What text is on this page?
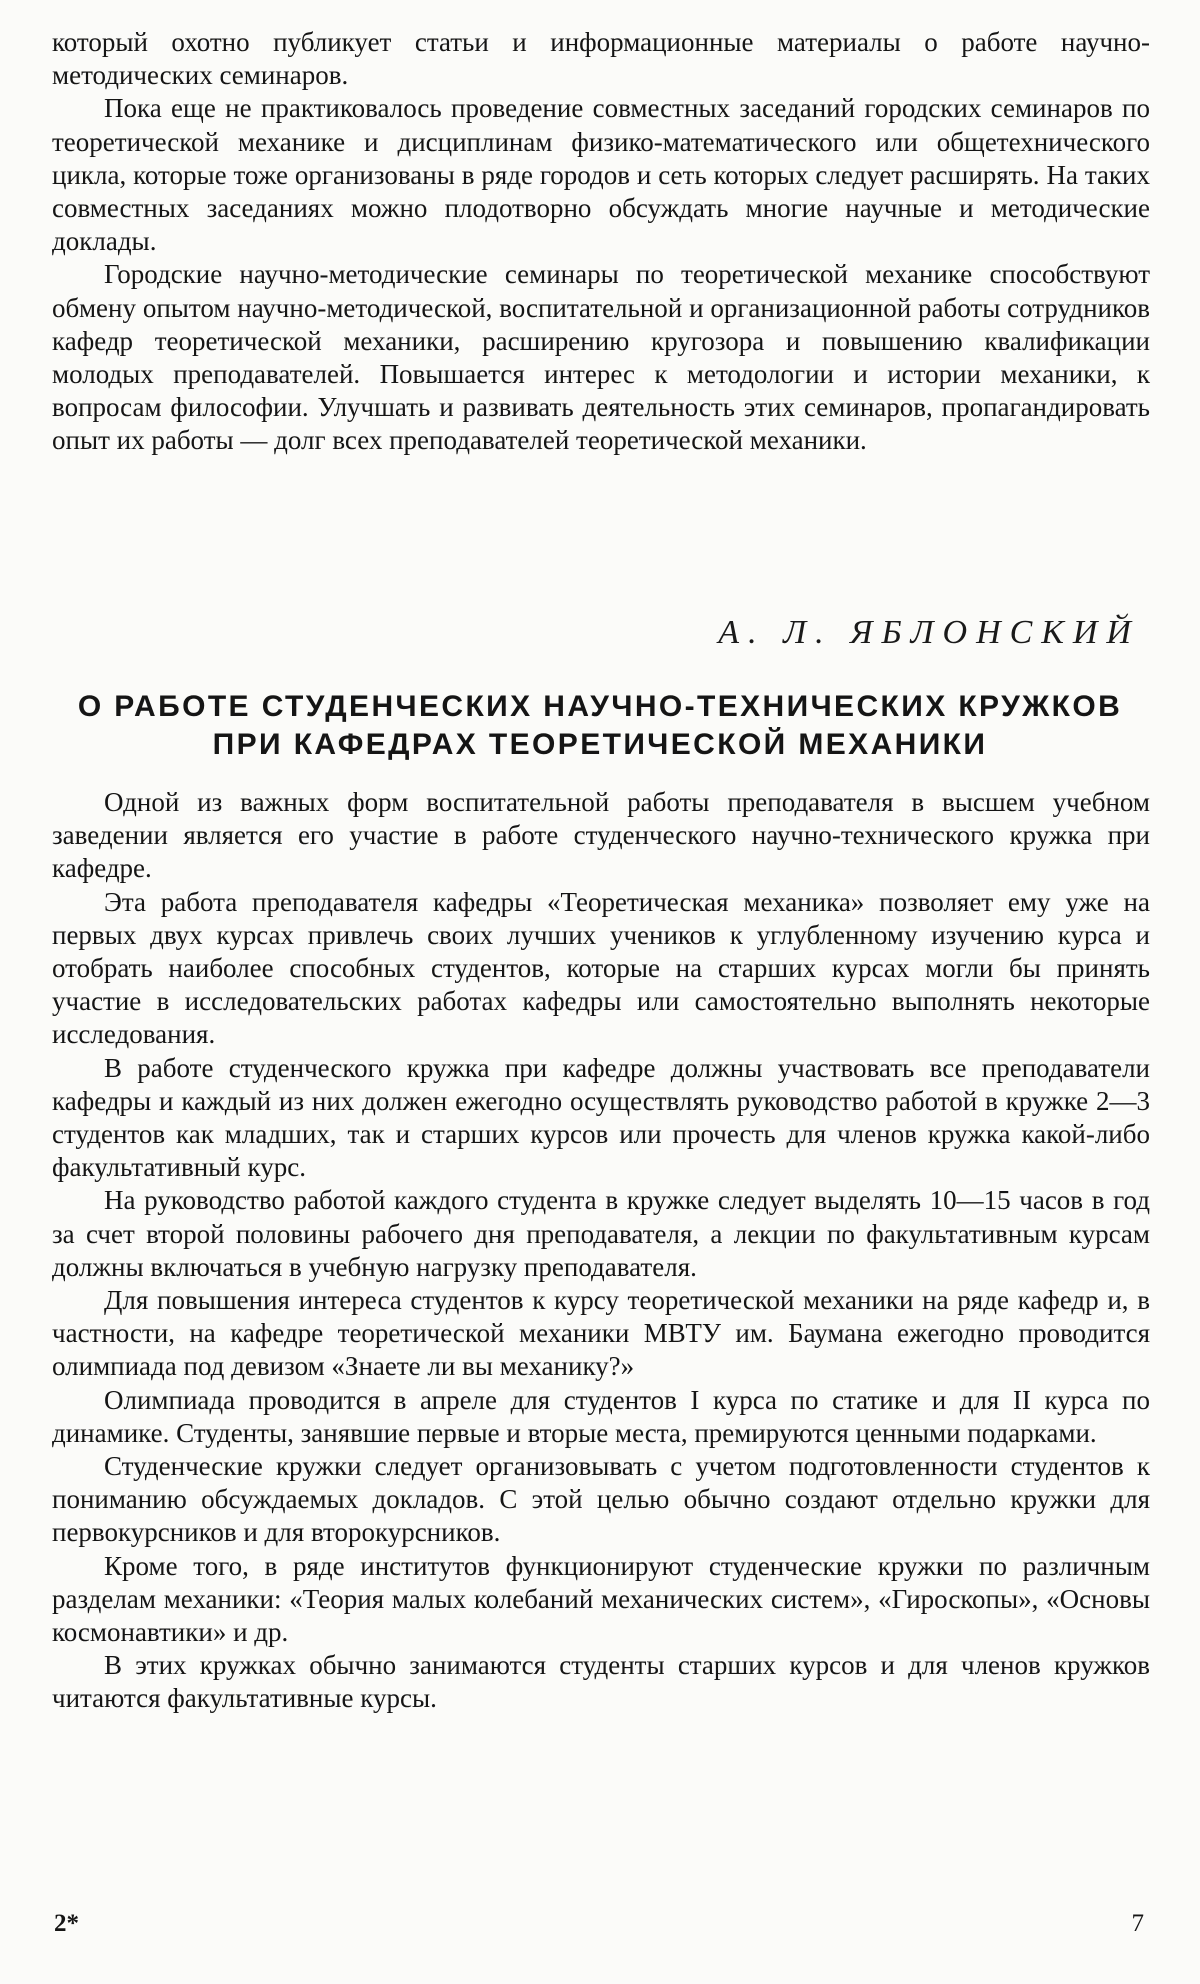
который охотно публикует статьи и информационные материалы о работе научно-методических семинаров.

Пока еще не практиковалось проведение совместных заседаний городских семинаров по теоретической механике и дисциплинам физико-математического или общетехнического цикла, которые тоже организованы в ряде городов и сеть которых следует расширять. На таких совместных заседаниях можно плодотворно обсуждать многие научные и методические доклады.

Городские научно-методические семинары по теоретической механике способствуют обмену опытом научно-методической, воспитательной и организационной работы сотрудников кафедр теоретической механики, расширению кругозора и повышению квалификации молодых преподавателей. Повышается интерес к методологии и истории механики, к вопросам философии. Улучшать и развивать деятельность этих семинаров, пропагандировать опыт их работы — долг всех преподавателей теоретической механики.

А. Л. ЯБЛОНСКИЙ
О РАБОТЕ СТУДЕНЧЕСКИХ НАУЧНО-ТЕХНИЧЕСКИХ КРУЖКОВ
ПРИ КАФЕДРАХ ТЕОРЕТИЧЕСКОЙ МЕХАНИКИ

Одной из важных форм воспитательной работы преподавателя в высшем учебном заведении является его участие в работе студенческого научно-технического кружка при кафедре.

Эта работа преподавателя кафедры «Теоретическая механика» позволяет ему уже на первых двух курсах привлечь своих лучших учеников к углубленному изучению курса и отобрать наиболее способных студентов, которые на старших курсах могли бы принять участие в исследовательских работах кафедры или самостоятельно выполнять некоторые исследования.

В работе студенческого кружка при кафедре должны участвовать все преподаватели кафедры и каждый из них должен ежегодно осуществлять руководство работой в кружке 2—3 студентов как младших, так и старших курсов или прочесть для членов кружка какой-либо факультативный курс.

На руководство работой каждого студента в кружке следует выделять 10—15 часов в год за счет второй половины рабочего дня преподавателя, а лекции по факультативным курсам должны включаться в учебную нагрузку преподавателя.

Для повышения интереса студентов к курсу теоретической механики на ряде кафедр и, в частности, на кафедре теоретической механики МВТУ им. Баумана ежегодно проводится олимпиада под девизом «Знаете ли вы механику?»

Олимпиада проводится в апреле для студентов I курса по статике и для II курса по динамике. Студенты, занявшие первые и вторые места, премируются ценными подарками.

Студенческие кружки следует организовывать с учетом подготовленности студентов к пониманию обсуждаемых докладов. С этой целью обычно создают отдельно кружки для первокурсников и для второкурсников.

Кроме того, в ряде институтов функционируют студенческие кружки по различным разделам механики: «Теория малых колебаний механических систем», «Гироскопы», «Основы космонавтики» и др.

В этих кружках обычно занимаются студенты старших курсов и для членов кружков читаются факультативные курсы.

2*	7
